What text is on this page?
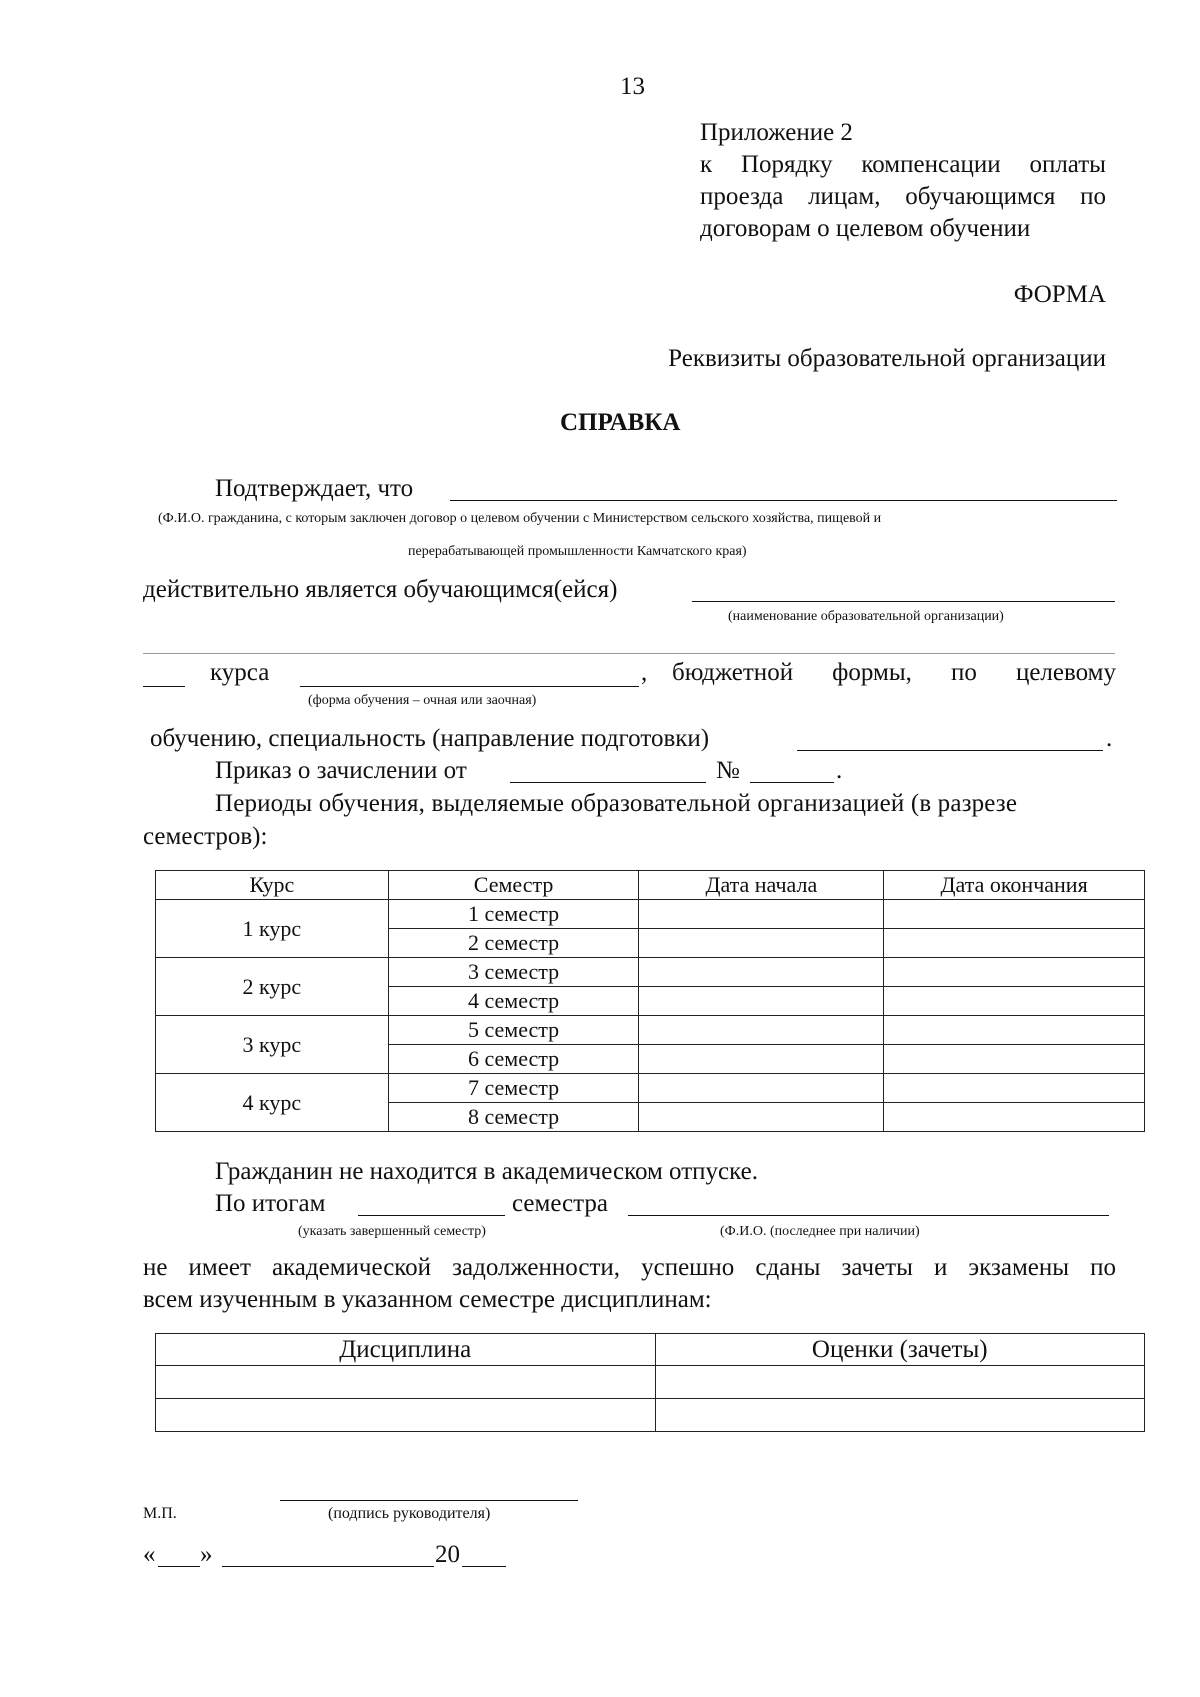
13
Приложение 2
к Порядку компенсации оплаты
проезда лицам, обучающимся по
договорам о целевом обучении
ФОРМА
Реквизиты образовательной организации
СПРАВКА
Подтверждает, что
(Ф.И.О. гражданина, с которым заключен договор о целевом обучении с Министерством сельского хозяйства, пищевой и
перерабатывающей промышленности Камчатского края)
действительно является обучающимся(ейся)
(наименование образовательной организации)
курса	, бюджетной формы, по целевому
(форма обучения – очная или заочная)
обучению, специальность (направление подготовки)	.
Приказ о зачислении от	№	.
Периоды обучения, выделяемые образовательной организацией (в разрезе
семестров):
Курс	Семестр	Дата начала	Дата окончания
1 курс	1 семестр		
	2 семестр		
2 курс	3 семестр		
	4 семестр		
3 курс	5 семестр		
	6 семестр		
4 курс	7 семестр		
	8 семестр		
Гражданин не находится в академическом отпуске.
По итогам	семестра
(указать завершенный семестр)	(Ф.И.О. (последнее при наличии)
не имеет академической задолженности, успешно сданы зачеты и экзамены по
всем изученным в указанном семестре дисциплинам:
Дисциплина	Оценки (зачеты)

М.П.	(подпись руководителя)
« »	20
